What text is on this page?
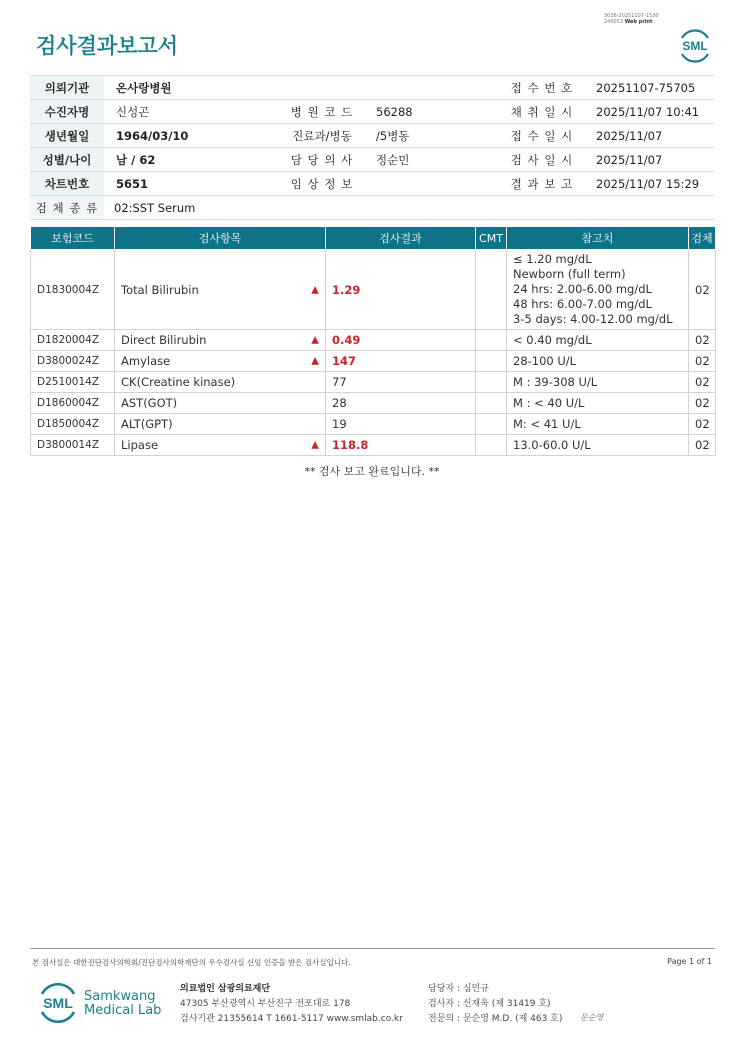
검사결과보고서
3038-20251107-1530
240053 Web print
SML
의뢰기관	온사랑병원			접 수 번 호	20251107-75705
수진자명	신성곤	병 원 코 드	56288	채 취 일 시	2025/11/07 10:41
생년월일	1964/03/10	진료과/병동	/5병동	접 수 일 시	2025/11/07
성별/나이	남 / 62	담 당 의 사	정순민	검 사 일 시	2025/11/07
차트번호	5651	임 상 정 보		결 과 보 고	2025/11/07 15:29
검 체 종 류	02:SST Serum				
보험코드	검사항목	검사결과	CMT	참고치	검체
D1830004Z	Total Bilirubin ▲	1.29		≤ 1.20 mg/dL
Newborn (full term)
24 hrs: 2.00-6.00 mg/dL
48 hrs: 6.00-7.00 mg/dL
3-5 days: 4.00-12.00 mg/dL	02
D1820004Z	Direct Bilirubin ▲	0.49		< 0.40 mg/dL	02
D3800024Z	Amylase ▲	147		28-100 U/L	02
D2510014Z	CK(Creatine kinase)	77		M : 39-308 U/L	02
D1860004Z	AST(GOT)	28		M : < 40 U/L	02
D1850004Z	ALT(GPT)	19		M: < 41 U/L	02
D3800014Z	Lipase ▲	118.8		13.0-60.0 U/L	02
** 검사 보고 완료입니다. **
본 검사실은 대한진단검사의학회/진단검사의학재단의 우수검사실 신임 인증을 받은 검사실입니다.	Page 1 of 1
SML Samkwang
Medical Lab
의료법인 삼광의료재단
47305 부산광역시 부산진구 전포대로 178
검사기관 21355614 T 1661-5117 www.smlab.co.kr
담당자 : 심민규
검사자 : 신재욱 (제 31419 호)
전문의 : 문순영 M.D. (제 463 호) 문순영
